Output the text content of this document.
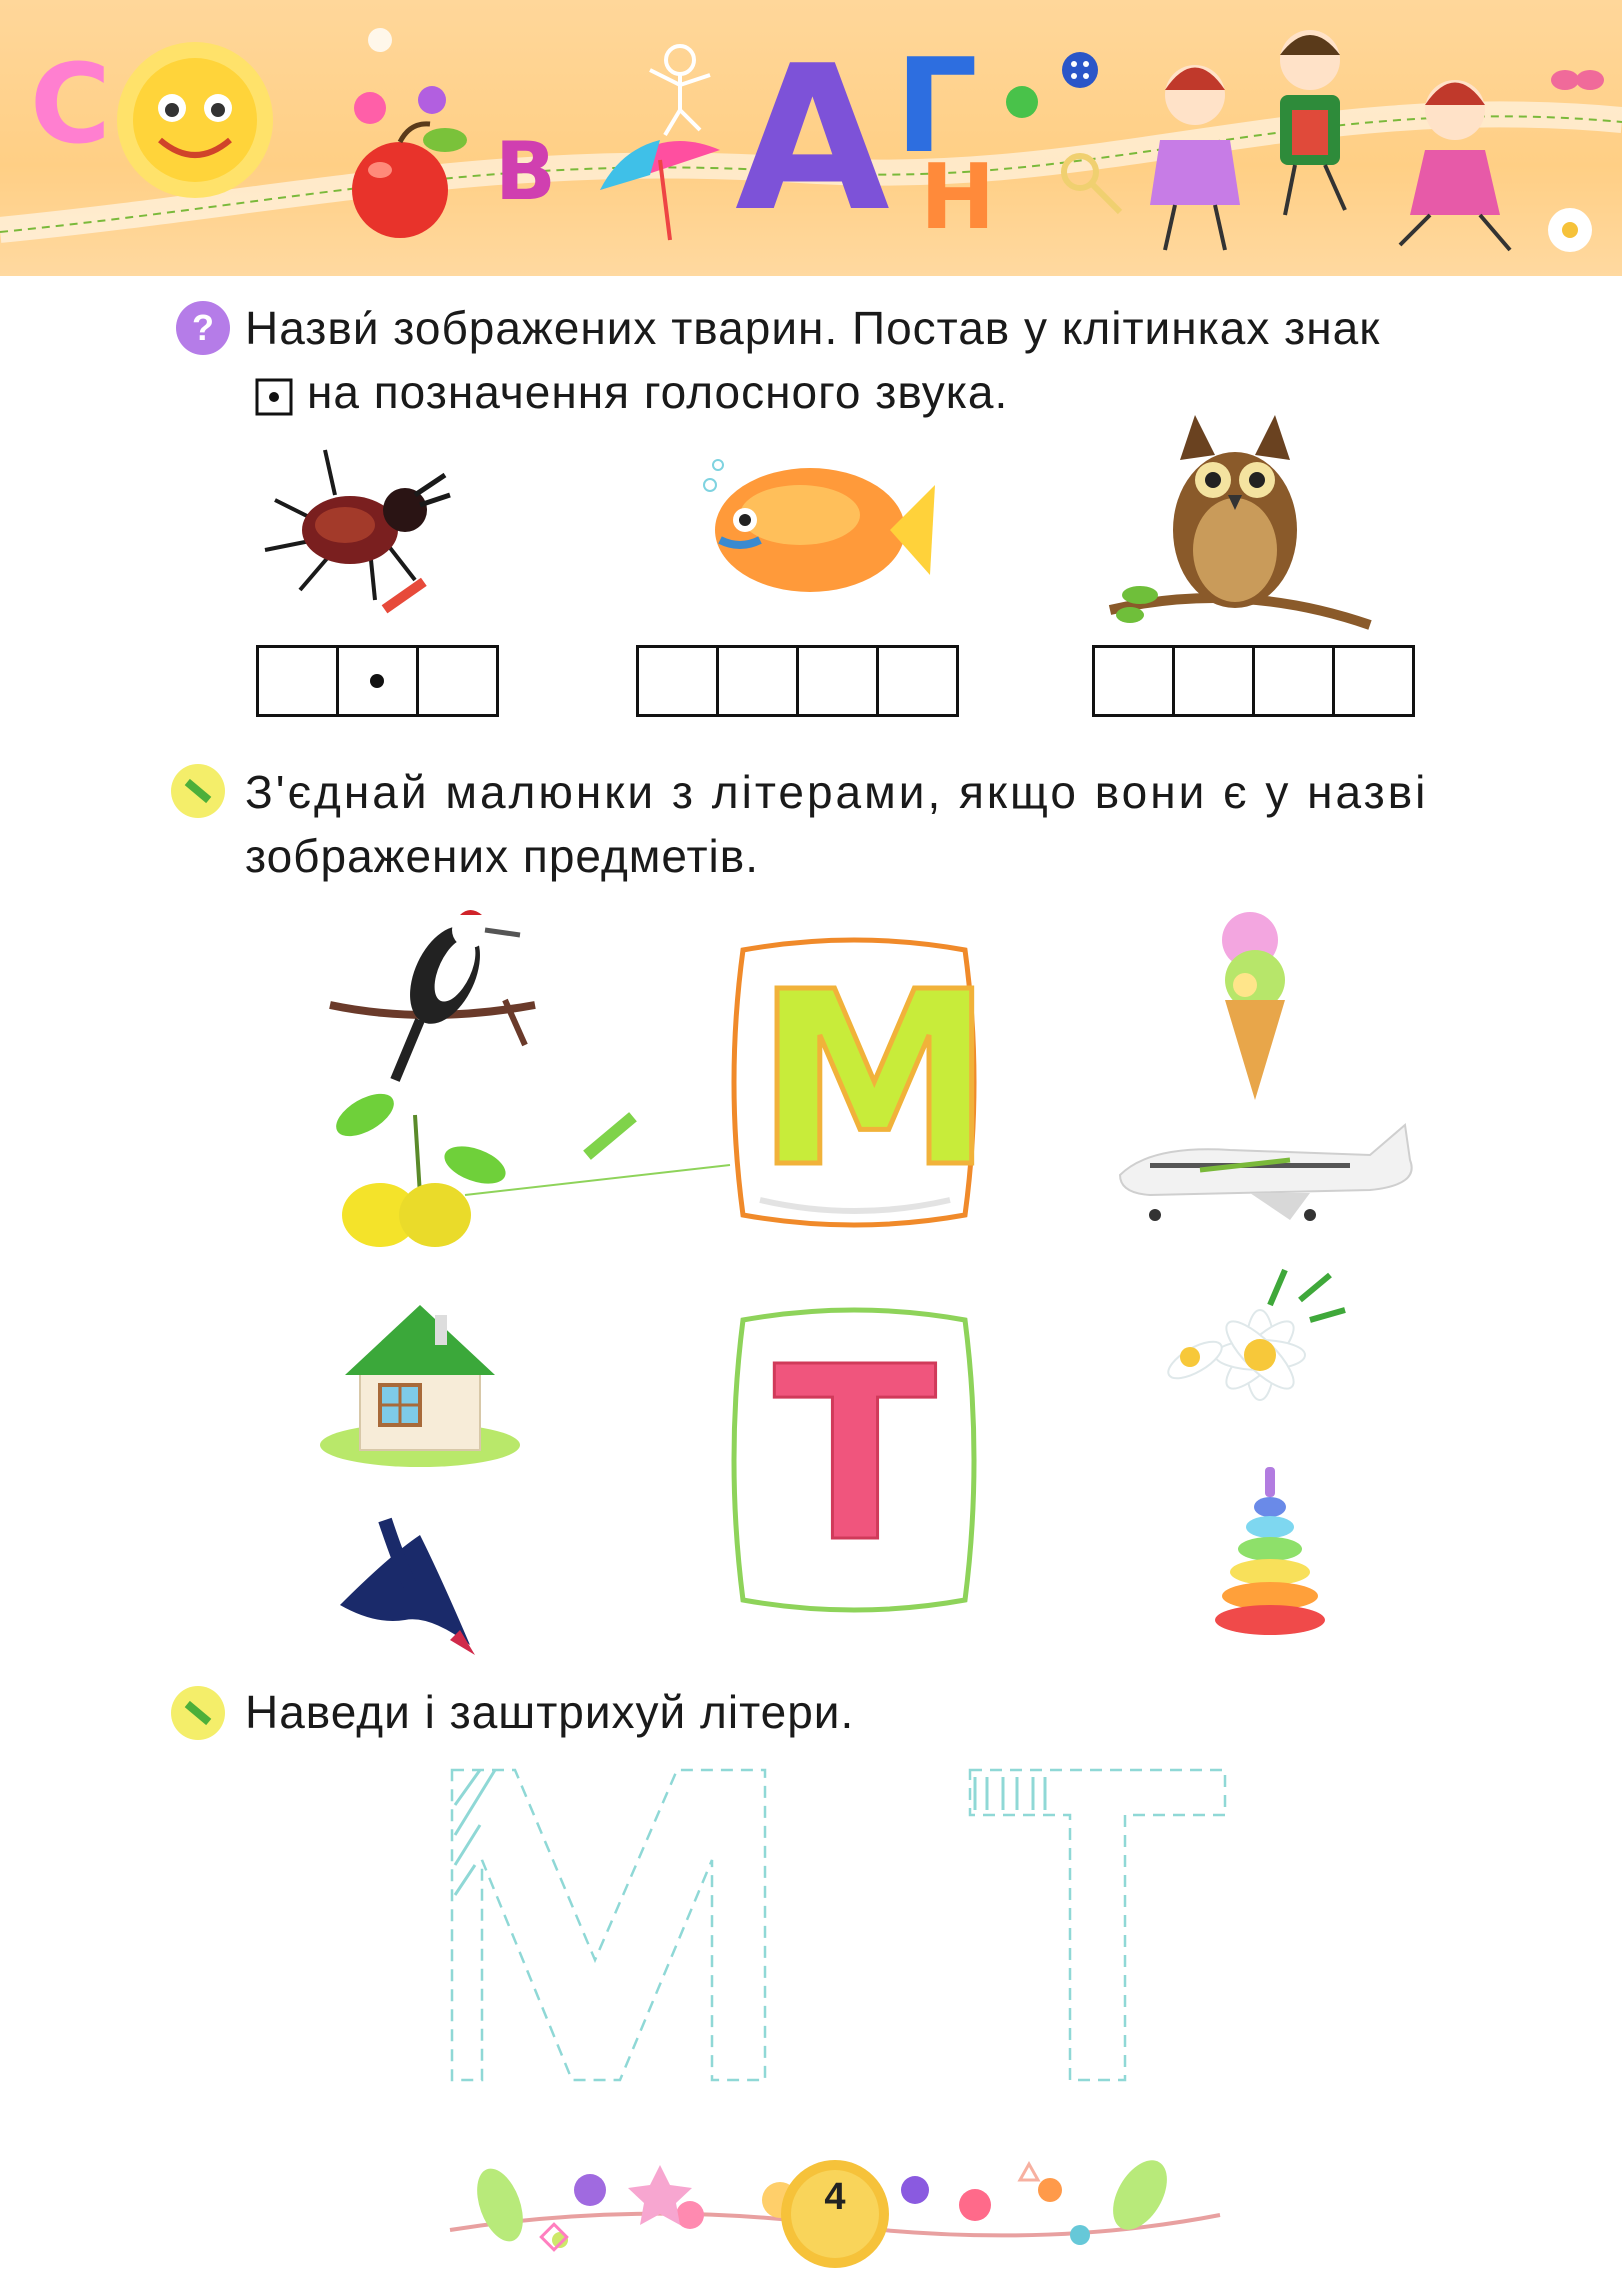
С
В А Г
Н
? Назви́ зображених тварин. Постав у клітинках знак

на позначення голосного звука.
З'єднай малюнки з літерами, якщо вони є у назві
зображених предметів.
М
Т
Наведи і заштрихуй літери.
4
